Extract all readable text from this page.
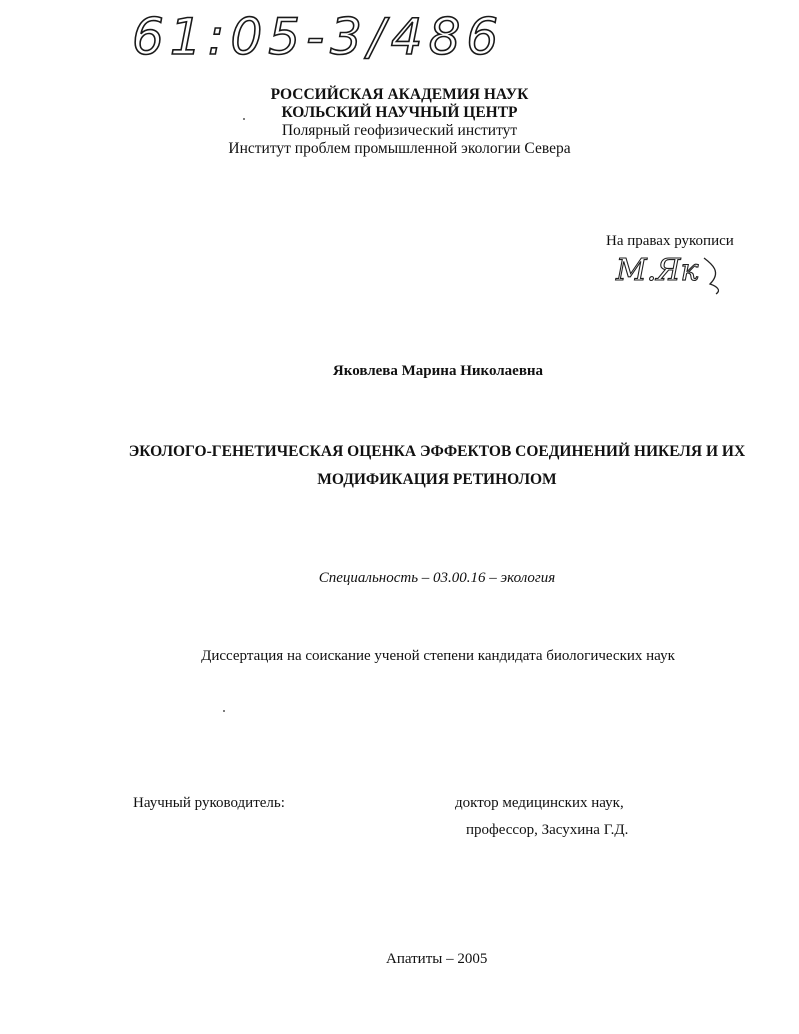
61:05-3/486
РОССИЙСКАЯ АКАДЕМИЯ НАУК
КОЛЬСКИЙ НАУЧНЫЙ ЦЕНТР
Полярный геофизический институт
Институт проблем промышленной экологии Севера
На правах рукописи
М.Як
Яковлева Марина Николаевна
ЭКОЛОГО-ГЕНЕТИЧЕСКАЯ ОЦЕНКА ЭФФЕКТОВ СОЕДИНЕНИЙ НИКЕЛЯ И ИХ
МОДИФИКАЦИЯ РЕТИНОЛОМ
Специальность – 03.00.16 – экология
Диссертация на соискание ученой степени кандидата биологических наук
Научный руководитель:	доктор медицинских наук,
профессор, Засухина Г.Д.
Апатиты – 2005
